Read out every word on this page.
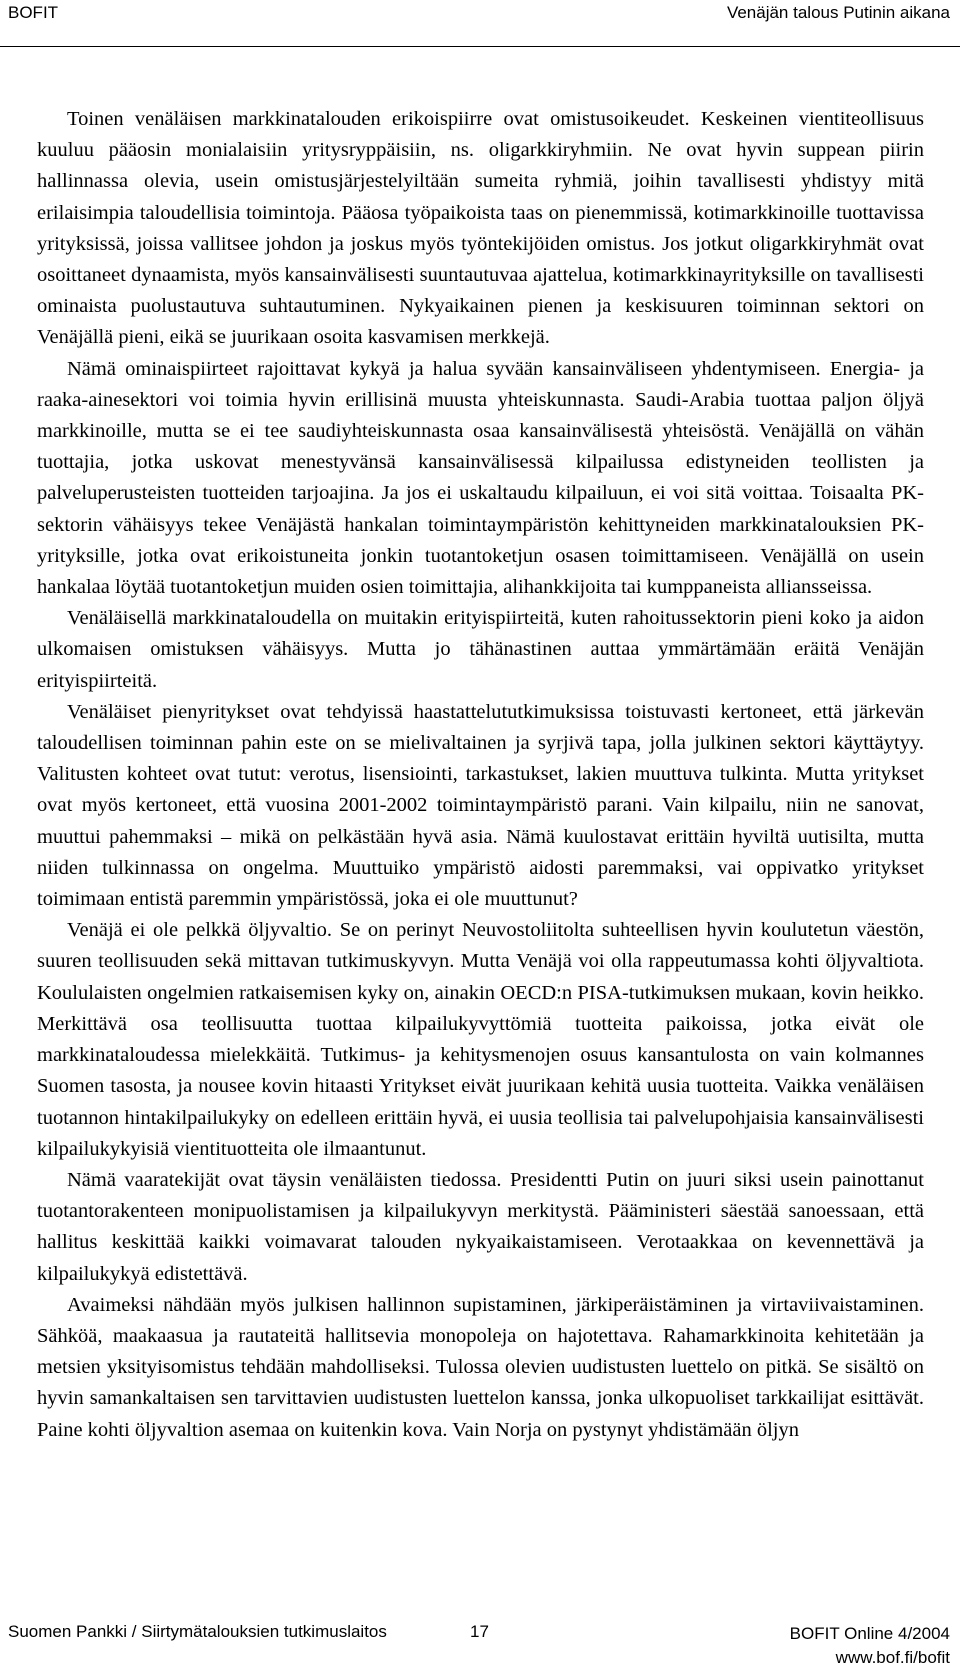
BOFIT	Venäjän talous Putinin aikana

Toinen venäläisen markkinatalouden erikoispiirre ovat omistusoikeudet. Keskeinen vientiteollisuus kuuluu pääosin monialaisiin yritysryppäisiin, ns. oligarkkiryhmiin. Ne ovat hyvin suppean piirin hallinnassa olevia, usein omistusjärjestelyiltään sumeita ryhmiä, joihin tavallisesti yhdistyy mitä erilaisimpia taloudellisia toimintoja. Pääosa työpaikoista taas on pienemmissä, kotimarkkinoille tuottavissa yrityksissä, joissa vallitsee johdon ja joskus myös työntekijöiden omistus. Jos jotkut oligarkkiryhmät ovat osoittaneet dynaamista, myös kansainvälisesti suuntautuvaa ajattelua, kotimarkkinayrityksille on tavallisesti ominaista puolustautuva suhtautuminen. Nykyaikainen pienen ja keskisuuren toiminnan sektori on Venäjällä pieni, eikä se juurikaan osoita kasvamisen merkkejä.

Nämä ominaispiirteet rajoittavat kykyä ja halua syvään kansainväliseen yhdentymiseen. Energia- ja raaka-ainesektori voi toimia hyvin erillisinä muusta yhteiskunnasta. Saudi-Arabia tuottaa paljon öljyä markkinoille, mutta se ei tee saudiyhteiskunnasta osaa kansainvälisestä yhteisöstä. Venäjällä on vähän tuottajia, jotka uskovat menestyvänsä kansainvälisessä kilpailussa edistyneiden teollisten ja palveluperusteisten tuotteiden tarjoajina. Ja jos ei uskaltaudu kilpailuun, ei voi sitä voittaa. Toisaalta PK-sektorin vähäisyys tekee Venäjästä hankalan toimintaympäristön kehittyneiden markkinatalouksien PK-yrityksille, jotka ovat erikoistuneita jonkin tuotantoketjun osasen toimittamiseen. Venäjällä on usein hankalaa löytää tuotantoketjun muiden osien toimittajia, alihankkijoita tai kumppaneista alliansseissa.

Venäläisellä markkinataloudella on muitakin erityispiirteitä, kuten rahoitussektorin pieni koko ja aidon ulkomaisen omistuksen vähäisyys. Mutta jo tähänastinen auttaa ymmärtämään eräitä Venäjän erityispiirteitä.

Venäläiset pienyritykset ovat tehdyissä haastattelututkimuksissa toistuvasti kertoneet, että järkevän taloudellisen toiminnan pahin este on se mielivaltainen ja syrjivä tapa, jolla julkinen sektori käyttäytyy. Valitusten kohteet ovat tutut: verotus, lisensiointi, tarkastukset, lakien muuttuva tulkinta. Mutta yritykset ovat myös kertoneet, että vuosina 2001-2002 toimintaympäristö parani. Vain kilpailu, niin ne sanovat, muuttui pahemmaksi – mikä on pelkästään hyvä asia. Nämä kuulostavat erittäin hyviltä uutisilta, mutta niiden tulkinnassa on ongelma. Muuttuiko ympäristö aidosti paremmaksi, vai oppivatko yritykset toimimaan entistä paremmin ympäristössä, joka ei ole muuttunut?

Venäjä ei ole pelkkä öljyvaltio. Se on perinyt Neuvostoliitolta suhteellisen hyvin koulutetun väestön, suuren teollisuuden sekä mittavan tutkimuskyvyn. Mutta Venäjä voi olla rappeutumassa kohti öljyvaltiota. Koululaisten ongelmien ratkaisemisen kyky on, ainakin OECD:n PISA-tutkimuksen mukaan, kovin heikko. Merkittävä osa teollisuutta tuottaa kilpailukyvyttömiä tuotteita paikoissa, jotka eivät ole markkinataloudessa mielekkäitä. Tutkimus- ja kehitysmenojen osuus kansantulosta on vain kolmannes Suomen tasosta, ja nousee kovin hitaasti Yritykset eivät juurikaan kehitä uusia tuotteita. Vaikka venäläisen tuotannon hintakilpailukyky on edelleen erittäin hyvä, ei uusia teollisia tai palvelupohjaisia kansainvälisesti kilpailukykyisiä vientituotteita ole ilmaantunut.

Nämä vaaratekijät ovat täysin venäläisten tiedossa. Presidentti Putin on juuri siksi usein painottanut tuotantorakenteen monipuolistamisen ja kilpailukyvyn merkitystä. Pääministeri säestää sanoessaan, että hallitus keskittää kaikki voimavarat talouden nykyaikaistamiseen. Verotaakkaa on kevennettävä ja kilpailukykyä edistettävä.

Avaimeksi nähdään myös julkisen hallinnon supistaminen, järkiperäistäminen ja virtaviivaistaminen. Sähköä, maakaasua ja rautateitä hallitsevia monopoleja on hajotettava. Rahamarkkinoita kehitetään ja metsien yksityisomistus tehdään mahdolliseksi. Tulossa olevien uudistusten luettelo on pitkä. Se sisältö on hyvin samankaltaisen sen tarvittavien uudistusten luettelon kanssa, jonka ulkopuoliset tarkkailijat esittävät. Paine kohti öljyvaltion asemaa on kuitenkin kova. Vain Norja on pystynyt yhdistämään öljyn

Suomen Pankki / Siirtymätalouksien tutkimuslaitos	17	BOFIT Online 4/2004
www.bof.fi/bofit
